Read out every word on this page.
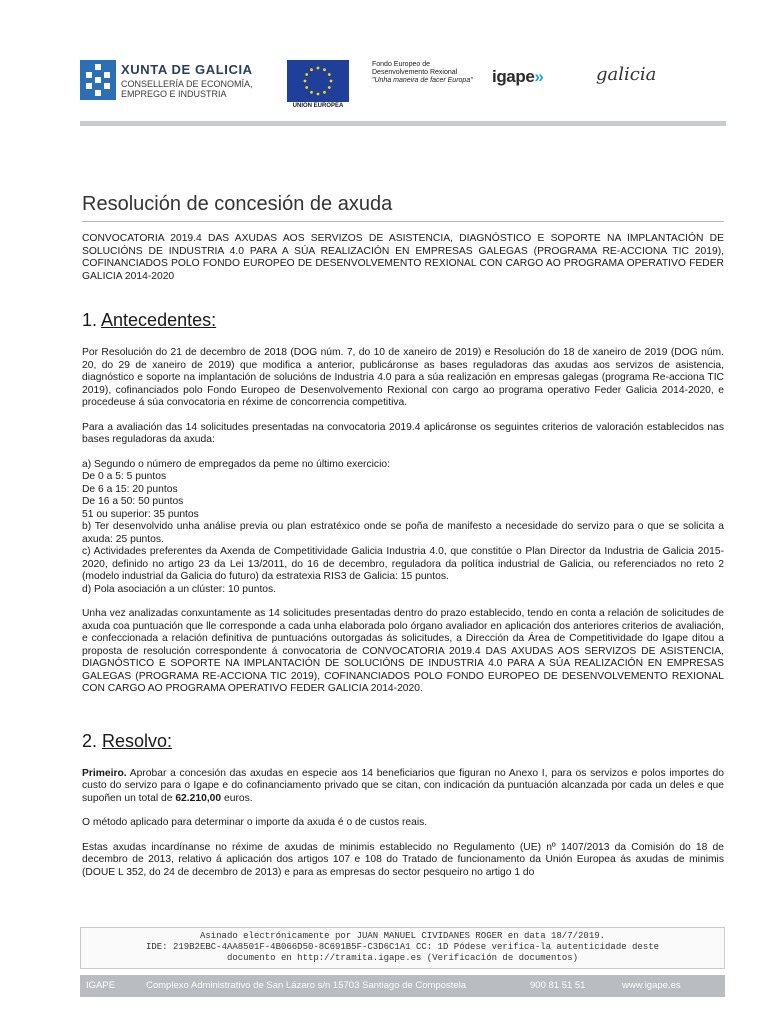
XUNTA DE GALICIA
CONSELLERÍA DE ECONOMÍA,
EMPREGO E INDUSTRIA
UNIÓN EUROPEA
Fondo Europeo de
Desenvolvemento Rexional
"Unha maneira de facer Europa" igape»	galicia
Resolución de concesión de axuda

CONVOCATORIA 2019.4 DAS AXUDAS AOS SERVIZOS DE ASISTENCIA, DIAGNÓSTICO E SOPORTE NA IMPLANTACIÓN DE SOLUCIÓNS DE INDUSTRIA 4.0 PARA A SÚA REALIZACIÓN EN EMPRESAS GALEGAS (PROGRAMA RE-ACCIONA TIC 2019), COFINANCIADOS POLO FONDO EUROPEO DE DESENVOLVEMENTO REXIONAL CON CARGO AO PROGRAMA OPERATIVO FEDER GALICIA 2014-2020

1. Antecedentes:

Por Resolución do 21 de decembro de 2018 (DOG núm. 7, do 10 de xaneiro de 2019) e Resolución do 18 de xaneiro de 2019 (DOG núm. 20, do 29 de xaneiro de 2019) que modifica a anterior, publicáronse as bases reguladoras das axudas aos servizos de asistencia, diagnóstico e soporte na implantación de solucións de Industria 4.0 para a súa realización en empresas galegas (programa Re-acciona TIC 2019), cofinanciados polo Fondo Europeo de Desenvolvemento Rexional con cargo ao programa operativo Feder Galicia 2014-2020, e procedeuse á súa convocatoria en réxime de concorrencia competitiva.

Para a avaliación das 14 solicitudes presentadas na convocatoria 2019.4 aplicáronse os seguintes criterios de valoración establecidos nas bases reguladoras da axuda:

a) Segundo o número de empregados da peme no último exercicio:
De 0 a 5: 5 puntos
De 6 a 15: 20 puntos
De 16 a 50: 50 puntos
51 ou superior: 35 puntos
b) Ter desenvolvido unha análise previa ou plan estratéxico onde se poña de manifesto a necesidade do servizo para o que se solicita a axuda: 25 puntos.
c) Actividades preferentes da Axenda de Competitividade Galicia Industria 4.0, que constitúe o Plan Director da Industria de Galicia 2015-2020, definido no artigo 23 da Lei 13/2011, do 16 de decembro, reguladora da política industrial de Galicia, ou referenciados no reto 2 (modelo industrial da Galicia do futuro) da estratexia RIS3 de Galicia: 15 puntos.
d) Pola asociación a un clúster: 10 puntos.

Unha vez analizadas conxuntamente as 14 solicitudes presentadas dentro do prazo establecido, tendo en conta a relación de solicitudes de axuda coa puntuación que lle corresponde a cada unha elaborada polo órgano avaliador en aplicación dos anteriores criterios de avaliación, e confeccionada a relación definitiva de puntuacións outorgadas ás solicitudes, a Dirección da Área de Competitividade do Igape ditou a proposta de resolución correspondente á convocatoria de CONVOCATORIA 2019.4 DAS AXUDAS AOS SERVIZOS DE ASISTENCIA, DIAGNÓSTICO E SOPORTE NA IMPLANTACIÓN DE SOLUCIÓNS DE INDUSTRIA 4.0 PARA A SÚA REALIZACIÓN EN EMPRESAS GALEGAS (PROGRAMA RE-ACCIONA TIC 2019), COFINANCIADOS POLO FONDO EUROPEO DE DESENVOLVEMENTO REXIONAL CON CARGO AO PROGRAMA OPERATIVO FEDER GALICIA 2014-2020.

2. Resolvo:

Primeiro. Aprobar a concesión das axudas en especie aos 14 beneficiarios que figuran no Anexo I, para os servizos e polos importes do custo do servizo para o Igape e do cofinanciamento privado que se citan, con indicación da puntuación alcanzada por cada un deles e que supoñen un total de 62.210,00 euros.

O método aplicado para determinar o importe da axuda é o de custos reais.

Estas axudas incardínanse no réxime de axudas de minimis establecido no Regulamento (UE) nº 1407/2013 da Comisión do 18 de decembro de 2013, relativo á aplicación dos artigos 107 e 108 do Tratado de funcionamento da Unión Europea ás axudas de minimis (DOUE L 352, do 24 de decembro de 2013) e para as empresas do sector pesqueiro no artigo 1 do

Asinado electrónicamente por JUAN MANUEL CIVIDANES ROGER en data 18/7/2019.
IDE: 219B2EBC-4AA8501F-4B066D50-8C691B5F-C3D6C1A1 CC: 1D Pódese verifica-la autenticidade deste
documento en http://tramita.igape.es (Verificación de documentos)
IGAPE	Complexo Administrativo de San Lázaro s/n 15703 Santiago de Compostela	900 81 51 51	www.igape.es
